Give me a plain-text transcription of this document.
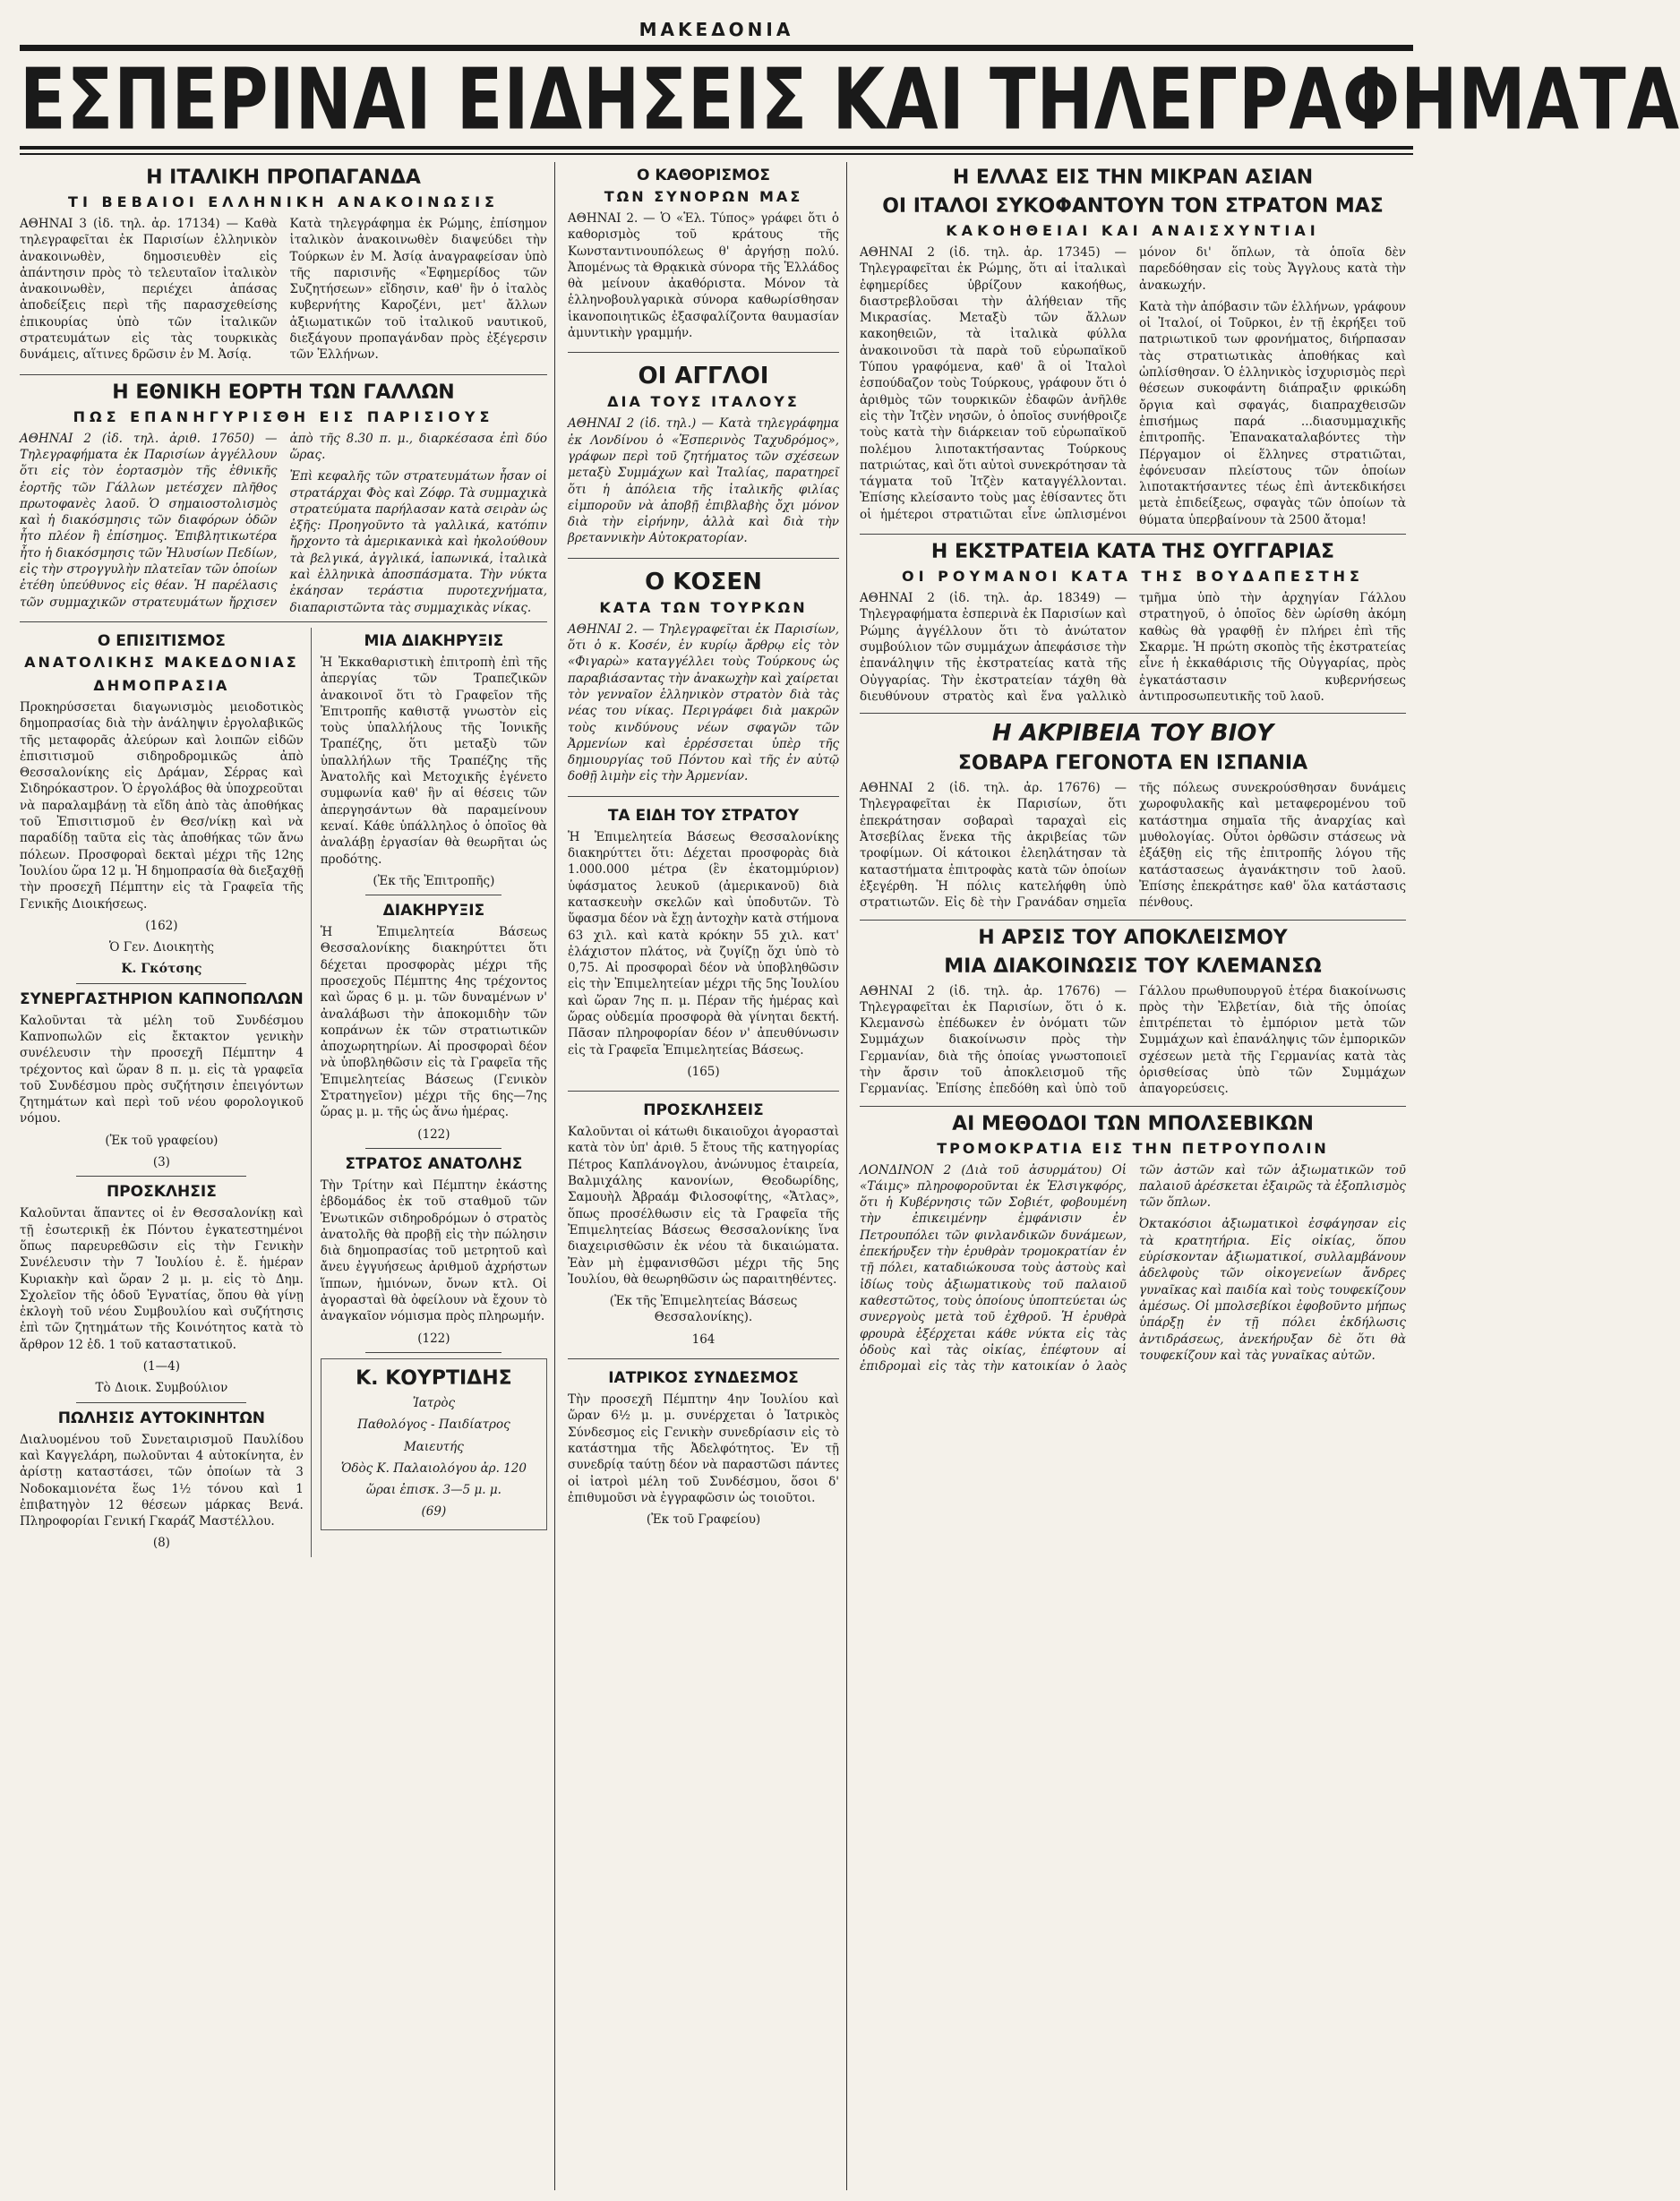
ΜΑΚΕΔΟΝΙΑ
ΕΣΠΕΡΙΝΑΙ ΕΙΔΗΣΕΙΣ ΚΑΙ ΤΗΛΕΓΡΑΦΗΜΑΤΑ
Η ΙΤΑΛΙΚΗ ΠΡΟΠΑΓΑΝΔΑ
ΤΙ ΒΕΒΑΙΟΙ ΕΛΛΗΝΙΚΗ ΑΝΑΚΟΙΝΩΣΙΣ

ΑΘΗΝΑΙ 3 (ἰδ. τηλ. ἀρ. 17134) — Καθὰ τηλεγραφεῖται ἐκ Παρισίων ἑλληνικὸν ἀνακοινωθὲν, δημοσιευθὲν εἰς ἀπάντησιν πρὸς τὸ τελευταῖον ἰταλικὸν ἀνακοινωθὲν, περιέχει ἀπάσας ἀποδείξεις περὶ τῆς παρασχεθείσης ἐπικουρίας ὑπὸ τῶν ἰταλικῶν στρατευμάτων εἰς τὰς τουρκικὰς δυνάμεις, αἵτινες δρῶσιν ἐν Μ. Ἀσίᾳ.

Κατὰ τηλεγράφημα ἐκ Ρώμης, ἐπίσημον ἰταλικὸν ἀνακοινωθὲν διαψεύδει τὴν Τούρκων ἐν Μ. Ἀσίᾳ ἀναγραφείσαν ὑπὸ τῆς παρισινῆς «Ἐφημερίδος τῶν Συζητήσεων» εἴδησιν, καθ' ἣν ὁ ἰταλὸς κυβερνήτης Καροζένι, μετ' ἄλλων ἀξιωματικῶν τοῦ ἰταλικοῦ ναυτικοῦ, διεξάγουν προπαγάνδαν πρὸς ἐξέγερσιν τῶν Ἑλλήνων.

Η ΕΘΝΙΚΗ ΕΟΡΤΗ ΤΩΝ ΓΑΛΛΩΝ
ΠΩΣ ΕΠΑΝΗΓΥΡΙΣΘΗ ΕΙΣ ΠΑΡΙΣΙΟΥΣ

ΑΘΗΝΑΙ 2 (ἰδ. τηλ. ἀριθ. 17650) — Τηλεγραφήματα ἐκ Παρισίων ἀγγέλλουν ὅτι εἰς τὸν ἑορτασμὸν τῆς ἐθνικῆς ἑορτῆς τῶν Γάλλων μετέσχεν πλῆθος πρωτοφανὲς λαοῦ. Ὁ σημαιοστολισμὸς καὶ ἡ διακόσμησις τῶν διαφόρων ὁδῶν ἦτο πλέον ἢ ἐπίσημος. Ἐπιβλητικωτέρα ἦτο ἡ διακόσμησις τῶν Ἠλυσίων Πεδίων, εἰς τὴν στρογγυλὴν πλατεῖαν τῶν ὁποίων ἐτέθη ὑπεύθυνος εἰς θέαν. Ἡ παρέλασις τῶν συμμαχικῶν στρατευμάτων ἤρχισεν ἀπὸ τῆς 8.30 π. μ., διαρκέσασα ἐπὶ δύο ὥρας.

Ἐπὶ κεφαλῆς τῶν στρατευμάτων ἦσαν οἱ στρατάρχαι Φὸς καὶ Ζόφρ. Τὰ συμμαχικὰ στρατεύματα παρήλασαν κατὰ σειρὰν ὡς ἐξῆς: Προηγοῦντο τὰ γαλλικά, κατόπιν ἤρχοντο τὰ ἀμερικανικὰ καὶ ἠκολούθουν τὰ βελγικά, ἀγγλικά, ἰαπωνικά, ἰταλικὰ καὶ ἑλληνικὰ ἀποσπάσματα. Τὴν νύκτα ἐκάησαν τεράστια πυροτεχνήματα, διαπαριστῶντα τὰς συμμαχικὰς νίκας.

Ο ΕΠΙΣΙΤΙΣΜΟΣ
ΑΝΑΤΟΛΙΚΗΣ ΜΑΚΕΔΟΝΙΑΣ
ΔΗΜΟΠΡΑΣΙΑ

Προκηρύσσεται διαγωνισμὸς μειοδοτικὸς δημοπρασίας διὰ τὴν ἀνάληψιν ἐργολαβικῶς τῆς μεταφορᾶς ἀλεύρων καὶ λοιπῶν εἰδῶν ἐπισιτισμοῦ σιδηροδρομικῶς ἀπὸ Θεσσαλονίκης εἰς Δράμαν, Σέρρας καὶ Σιδηρόκαστρον. Ὁ ἐργολάβος θὰ ὑποχρεοῦται νὰ παραλαμβάνῃ τὰ εἴδη ἀπὸ τὰς ἀποθήκας τοῦ Ἐπισιτισμοῦ ἐν Θεσ/νίκῃ καὶ νὰ παραδίδῃ ταῦτα εἰς τὰς ἀποθήκας τῶν ἄνω πόλεων. Προσφοραὶ δεκταὶ μέχρι τῆς 12ης Ἰουλίου ὥρα 12 μ. Ἡ δημοπρασία θὰ διεξαχθῇ τὴν προσεχῆ Πέμπτην εἰς τὰ Γραφεῖα τῆς Γενικῆς Διοικήσεως.

(162)

Ὁ Γεν. Διοικητὴς

Κ. Γκότσης

ΣΥΝΕΡΓΑΣΤΗΡΙΟΝ ΚΑΠΝΟΠΩΛΩΝ

Καλοῦνται τὰ μέλη τοῦ Συνδέσμου Καπνοπωλῶν εἰς ἔκτακτον γενικὴν συνέλευσιν τὴν προσεχῆ Πέμπτην 4 τρέχοντος καὶ ὥραν 8 π. μ. εἰς τὰ γραφεῖα τοῦ Συνδέσμου πρὸς συζήτησιν ἐπειγόντων ζητημάτων καὶ περὶ τοῦ νέου φορολογικοῦ νόμου.

(Ἐκ τοῦ γραφείου)

(3)

ΠΡΟΣΚΛΗΣΙΣ

Καλοῦνται ἅπαντες οἱ ἐν Θεσσαλονίκῃ καὶ τῇ ἐσωτερικῇ ἐκ Πόντου ἐγκατεστημένοι ὅπως παρευρεθῶσιν εἰς τὴν Γενικὴν Συνέλευσιν τὴν 7 Ἰουλίου ἐ. ἔ. ἡμέραν Κυριακὴν καὶ ὥραν 2 μ. μ. εἰς τὸ Δημ. Σχολεῖον τῆς ὁδοῦ Ἐγνατίας, ὅπου θὰ γίνῃ ἐκλογὴ τοῦ νέου Συμβουλίου καὶ συζήτησις ἐπὶ τῶν ζητημάτων τῆς Κοινότητος κατὰ τὸ ἄρθρον 12 ἐδ. 1 τοῦ καταστατικοῦ.

(1—4)

Τὸ Διοικ. Συμβούλιον

ΠΩΛΗΣΙΣ ΑΥΤΟΚΙΝΗΤΩΝ

Διαλυομένου τοῦ Συνεταιρισμοῦ Παυλίδου καὶ Καγγελάρη, πωλοῦνται 4 αὐτοκίνητα, ἐν ἀρίστῃ καταστάσει, τῶν ὁποίων τὰ 3 Νοδοκαμιονέτα ἕως 1½ τόνου καὶ 1 ἐπιβατηγὸν 12 θέσεων μάρκας Βενά. Πληροφορίαι Γενική Γκαράζ Μαστέλλου.

(8)

ΜΙΑ ΔΙΑΚΗΡΥΞΙΣ

Ἡ Ἐκκαθαριστικὴ ἐπιτροπὴ ἐπὶ τῆς ἀπεργίας τῶν Τραπεζικῶν ἀνακοινοῖ ὅτι τὸ Γραφεῖον τῆς Ἐπιτροπῆς καθιστᾷ γνωστὸν εἰς τοὺς ὑπαλλήλους τῆς Ἰονικῆς Τραπέζης, ὅτι μεταξὺ τῶν ὑπαλλήλων τῆς Τραπέζης τῆς Ἀνατολῆς καὶ Μετοχικῆς ἐγένετο συμφωνία καθ' ἣν αἱ θέσεις τῶν ἀπεργησάντων θὰ παραμείνουν κεναί. Κάθε ὑπάλληλος ὁ ὁποῖος θὰ ἀναλάβῃ ἐργασίαν θὰ θεωρῆται ὡς προδότης.

(Ἐκ τῆς Ἐπιτροπῆς)

ΔΙΑΚΗΡΥΞΙΣ

Ἡ Ἐπιμελητεία Βάσεως Θεσσαλονίκης διακηρύττει ὅτι δέχεται προσφορὰς μέχρι τῆς προσεχοῦς Πέμπτης 4ης τρέχοντος καὶ ὥρας 6 μ. μ. τῶν δυναμένων ν' ἀναλάβωσι τὴν ἀποκομιδὴν τῶν κοπράνων ἐκ τῶν στρατιωτικῶν ἀποχωρητηρίων. Αἱ προσφοραὶ δέον νὰ ὑποβληθῶσιν εἰς τὰ Γραφεῖα τῆς Ἐπιμελητείας Βάσεως (Γενικὸν Στρατηγεῖον) μέχρι τῆς 6ης—7ης ὥρας μ. μ. τῆς ὡς ἄνω ἡμέρας.

(122)

ΣΤΡΑΤΟΣ ΑΝΑΤΟΛΗΣ

Τὴν Τρίτην καὶ Πέμπτην ἑκάστης ἑβδομάδος ἐκ τοῦ σταθμοῦ τῶν Ἑνωτικῶν σιδηροδρόμων ὁ στρατὸς ἀνατολῆς θὰ προβῇ εἰς τὴν πώλησιν διὰ δημοπρασίας τοῦ μετρητοῦ καὶ ἄνευ ἐγγυήσεως ἀριθμοῦ ἀχρήστων ἵππων, ἡμιόνων, ὄνων κτλ. Οἱ ἀγορασταὶ θὰ ὀφείλουν νὰ ἔχουν τὸ ἀναγκαῖον νόμισμα πρὸς πληρωμήν.

(122)

Κ. ΚΟΥΡΤΙΔΗΣ

Ἰατρὸς

Παθολόγος - Παιδίατρος

Μαιευτής

Ὁδὸς Κ. Παλαιολόγου ἀρ. 120

ὥραι ἐπισκ. 3—5 μ. μ.

(69)

Ο ΚΑΘΟΡΙΣΜΟΣ
ΤΩΝ ΣΥΝΟΡΩΝ ΜΑΣ

ΑΘΗΝΑΙ 2. — Ὁ «Ἑλ. Τύπος» γράφει ὅτι ὁ καθορισμὸς τοῦ κράτους τῆς Κωνσταντινουπόλεως θ' ἀργήσῃ πολύ. Ἀπομένως τὰ Θρᾳκικὰ σύνορα τῆς Ἑλλάδος θὰ μείνουν ἀκαθόριστα. Μόνον τὰ ἑλληνοβουλγαρικὰ σύνορα καθωρίσθησαν ἱκανοποιητικῶς ἐξασφαλίζοντα θαυμασίαν ἀμυντικὴν γραμμήν.

ΟΙ ΑΓΓΛΟΙ
ΔΙΑ ΤΟΥΣ ΙΤΑΛΟΥΣ

ΑΘΗΝΑΙ 2 (ἰδ. τηλ.) — Κατὰ τηλεγράφημα ἐκ Λονδίνου ὁ «Ἑσπερινὸς Ταχυδρόμος», γράφων περὶ τοῦ ζητήματος τῶν σχέσεων μεταξὺ Συμμάχων καὶ Ἰταλίας, παρατηρεῖ ὅτι ἡ ἀπόλεια τῆς ἰταλικῆς φιλίας εἰμποροῦν νὰ ἀποβῇ ἐπιβλαβὴς ὄχι μόνον διὰ τὴν εἰρήνην, ἀλλὰ καὶ διὰ τὴν βρεταννικὴν Αὐτοκρατορίαν.

Ο ΚΟΣΕΝ
ΚΑΤΑ ΤΩΝ ΤΟΥΡΚΩΝ

ΑΘΗΝΑΙ 2. — Τηλεγραφεῖται ἐκ Παρισίων, ὅτι ὁ κ. Κοσέν, ἐν κυρίῳ ἄρθρῳ εἰς τὸν «Φιγαρὼ» καταγγέλλει τοὺς Τούρκους ὡς παραβιάσαντας τὴν ἀνακωχὴν καὶ χαίρεται τὸν γενναῖον ἑλληνικὸν στρατὸν διὰ τὰς νέας του νίκας. Περιγράφει διὰ μακρῶν τοὺς κινδύνους νέων σφαγῶν τῶν Ἀρμενίων καὶ ἐρρέσσεται ὑπὲρ τῆς δημιουργίας τοῦ Πόντου καὶ τῆς ἐν αὐτῷ δοθῇ λιμὴν εἰς τὴν Ἀρμενίαν.

ΤΑ ΕΙΔΗ ΤΟΥ ΣΤΡΑΤΟΥ

Ἡ Ἐπιμελητεία Βάσεως Θεσσαλονίκης διακηρύττει ὅτι: Δέχεται προσφορὰς διὰ 1.000.000 μέτρα (ἓν ἑκατομμύριον) ὑφάσματος λευκοῦ (ἀμερικανοῦ) διὰ κατασκευὴν σκελῶν καὶ ὑποδυτῶν. Τὸ ὕφασμα δέον νὰ ἔχῃ ἀντοχὴν κατὰ στήμονα 63 χιλ. καὶ κατὰ κρόκην 55 χιλ. κατ' ἐλάχιστον πλάτος, νὰ ζυγίζῃ ὅχι ὑπὸ τὸ 0,75. Αἱ προσφοραὶ δέον νὰ ὑποβληθῶσιν εἰς τὴν Ἐπιμελητείαν μέχρι τῆς 5ης Ἰουλίου καὶ ὥραν 7ης π. μ. Πέραν τῆς ἡμέρας καὶ ὥρας οὐδεμία προσφορὰ θὰ γίνηται δεκτή. Πᾶσαν πληροφορίαν δέον ν' ἀπευθύνωσιν εἰς τὰ Γραφεῖα Ἐπιμελητείας Βάσεως.

(165)

ΠΡΟΣΚΛΗΣΕΙΣ

Καλοῦνται οἱ κάτωθι δικαιοῦχοι ἀγορασταὶ κατὰ τὸν ὑπ' ἀριθ. 5 ἔτους τῆς κατηγορίας Πέτρος Καπλάνογλου, ἀνώνυμος ἐταιρεία, Βαλμιχάλης κανονίων, Θεοδωρίδης, Σαμουὴλ Ἀβραάμ Φιλοσοφίτης, «Ἄτλας», ὅπως προσέλθωσιν εἰς τὰ Γραφεῖα τῆς Ἐπιμελητείας Βάσεως Θεσσαλονίκης ἵνα διαχειρισθῶσιν ἐκ νέου τὰ δικαιώματα. Ἐὰν μὴ ἐμφανισθῶσι μέχρι τῆς 5ης Ἰουλίου, θὰ θεωρηθῶσιν ὡς παραιτηθέντες.

(Ἐκ τῆς Ἐπιμελητείας Βάσεως Θεσσαλονίκης).

164

ΙΑΤΡΙΚΟΣ ΣΥΝΔΕΣΜΟΣ

Τὴν προσεχῆ Πέμπτην 4ην Ἰουλίου καὶ ὥραν 6½ μ. μ. συνέρχεται ὁ Ἰατρικὸς Σύνδεσμος εἰς Γενικὴν συνεδρίασιν εἰς τὸ κατάστημα τῆς Ἀδελφότητος. Ἐν τῇ συνεδρίᾳ ταύτῃ δέον νὰ παραστῶσι πάντες οἱ ἰατροὶ μέλη τοῦ Συνδέσμου, ὅσοι δ' ἐπιθυμοῦσι νὰ ἐγγραφῶσιν ὡς τοιοῦτοι.

(Ἐκ τοῦ Γραφείου)

Η ΕΛΛΑΣ ΕΙΣ ΤΗΝ ΜΙΚΡΑΝ ΑΣΙΑΝ
ΟΙ ΙΤΑΛΟΙ ΣΥΚΟΦΑΝΤΟΥΝ ΤΟΝ ΣΤΡΑΤΟΝ ΜΑΣ
ΚΑΚΟΗΘΕΙΑΙ ΚΑΙ ΑΝΑΙΣΧΥΝΤΙΑΙ

ΑΘΗΝΑΙ 2 (ἰδ. τηλ. ἀρ. 17345) — Τηλεγραφεῖται ἐκ Ρώμης, ὅτι αἱ ἰταλικαὶ ἐφημερίδες ὑβρίζουν κακοήθως, διαστρεβλοῦσαι τὴν ἀλήθειαν τῆς Μικρασίας. Μεταξὺ τῶν ἄλλων κακοηθειῶν, τὰ ἰταλικὰ φύλλα ἀνακοινοῦσι τὰ παρὰ τοῦ εὐρωπαϊκοῦ Τύπου γραφόμενα, καθ' ἃ οἱ Ἰταλοὶ ἐσπούδαζον τοὺς Τούρκους, γράφουν ὅτι ὁ ἀριθμὸς τῶν τουρκικῶν ἐδαφῶν ἀνῆλθε εἰς τὴν Ἰτζὲν νησῶν, ὁ ὁποῖος συνήθροιζε τοὺς κατὰ τὴν διάρκειαν τοῦ εὐρωπαϊκοῦ πολέμου λιποτακτήσαντας Τούρκους πατριώτας, καὶ ὅτι αὐτοὶ συνεκρότησαν τὰ τάγματα τοῦ Ἰτζὲν καταγγέλλονται. Ἐπίσης κλείσαντο τοὺς μας ἐθίσαντες ὅτι οἱ ἡμέτεροι στρατιῶται εἶνε ὡπλισμένοι μόνον δι' ὅπλων, τὰ ὁποῖα δὲν παρεδόθησαν εἰς τοὺς Ἄγγλους κατὰ τὴν ἀνακωχήν.

Κατὰ τὴν ἀπόβασιν τῶν ἑλλήνων, γράφουν οἱ Ἰταλοί, οἱ Τοῦρκοι, ἐν τῇ ἐκρήξει τοῦ πατριωτικοῦ των φρονήματος, διήρπασαν τὰς στρατιωτικὰς ἀποθήκας καὶ ὡπλίσθησαν. Ὁ ἑλληνικὸς ἰσχυρισμὸς περὶ θέσεων συκοφάντη διάπραξιν φρικώδη ὄργια καὶ σφαγάς, διαπραχθεισῶν ἐπισήμως παρά ...διασυμμαχικῆς ἐπιτροπῆς. Ἐπανακαταλαβόντες τὴν Πέργαμον οἱ ἕλληνες στρατιῶται, ἐφόνευσαν πλείστους τῶν ὁποίων λιποτακτήσαντες τέως ἐπὶ ἀντεκδικήσει μετὰ ἐπιδείξεως, σφαγὰς τῶν ὁποίων τὰ θύματα ὑπερβαίνουν τὰ 2500 ἄτομα!

Η ΕΚΣΤΡΑΤΕΙΑ ΚΑΤΑ ΤΗΣ ΟΥΓΓΑΡΙΑΣ
ΟΙ ΡΟΥΜΑΝΟΙ ΚΑΤΑ ΤΗΣ ΒΟΥΔΑΠΕΣΤΗΣ

ΑΘΗΝΑΙ 2 (ἰδ. τηλ. ἀρ. 18349) — Τηλεγραφήματα ἐσπερινὰ ἐκ Παρισίων καὶ Ρώμης ἀγγέλλουν ὅτι τὸ ἀνώτατον συμβούλιον τῶν συμμάχων ἀπεφάσισε τὴν ἐπανάληψιν τῆς ἐκστρατείας κατὰ τῆς Οὐγγαρίας. Τὴν ἐκστρατείαν τάχθη θὰ διευθύνουν στρατὸς καὶ ἕνα γαλλικὸ τμῆμα ὑπὸ τὴν ἀρχηγίαν Γάλλου στρατηγοῦ, ὁ ὁποῖος δὲν ὡρίσθη ἀκόμη καθὼς θὰ γραφθῇ ἐν πλήρει ἐπὶ τῆς Σκαρμε. Ἡ πρώτη σκοπὸς τῆς ἐκστρατείας εἶνε ἡ ἐκκαθάρισις τῆς Οὐγγαρίας, πρὸς ἐγκατάστασιν κυβερνήσεως ἀντιπροσωπευτικῆς τοῦ λαοῦ.

Η ΑΚΡΙΒΕΙΑ ΤΟΥ ΒΙΟΥ
ΣΟΒΑΡΑ ΓΕΓΟΝΟΤΑ ΕΝ ΙΣΠΑΝΙΑ

ΑΘΗΝΑΙ 2 (ἰδ. τηλ. ἀρ. 17676) — Τηλεγραφεῖται ἐκ Παρισίων, ὅτι ἐπεκράτησαν σοβαραὶ ταραχαὶ εἰς Ἀτσεβίλας ἕνεκα τῆς ἀκριβείας τῶν τροφίμων. Οἱ κάτοικοι ἐλεηλάτησαν τὰ καταστήματα ἐπιτροφὰς κατὰ τῶν ὁποίων ἐξεγέρθη. Ἡ πόλις κατελήφθη ὑπὸ στρατιωτῶν. Εἰς δὲ τὴν Γρανάδαν σημεῖα τῆς πόλεως συνεκρούσθησαν δυνάμεις χωροφυλακῆς καὶ μεταφερομένου τοῦ κατάστημα σημαῖα τῆς ἀναρχίας καὶ μυθολογίας. Οὗτοι ὀρθῶσιν στάσεως νὰ ἐξάξθῃ εἰς τῆς ἐπιτροπῆς λόγου τῆς κατάστασεως ἀγανάκτησιν τοῦ λαοῦ. Ἐπίσης ἐπεκράτησε καθ' ὅλα κατάστασις πένθους.

Η ΑΡΣΙΣ ΤΟΥ ΑΠΟΚΛΕΙΣΜΟΥ
ΜΙΑ ΔΙΑΚΟΙΝΩΣΙΣ ΤΟΥ ΚΛΕΜΑΝΣΩ

ΑΘΗΝΑΙ 2 (ἰδ. τηλ. ἀρ. 17676) — Τηλεγραφεῖται ἐκ Παρισίων, ὅτι ὁ κ. Κλεμανσὼ ἐπέδωκεν ἐν ὀνόματι τῶν Συμμάχων διακοίνωσιν πρὸς τὴν Γερμανίαν, διὰ τῆς ὁποίας γνωστοποιεῖ τὴν ἄρσιν τοῦ ἀποκλεισμοῦ τῆς Γερμανίας. Ἐπίσης ἐπεδόθη καὶ ὑπὸ τοῦ Γάλλου πρωθυπουργοῦ ἑτέρα διακοίνωσις πρὸς τὴν Ἐλβετίαν, διὰ τῆς ὁποίας ἐπιτρέπεται τὸ ἐμπόριον μετὰ τῶν Συμμάχων καὶ ἐπανάληψις τῶν ἐμπορικῶν σχέσεων μετὰ τῆς Γερμανίας κατὰ τὰς ὁρισθείσας ὑπὸ τῶν Συμμάχων ἀπαγορεύσεις.

ΑΙ ΜΕΘΟΔΟΙ ΤΩΝ ΜΠΟΛΣΕΒΙΚΩΝ
ΤΡΟΜΟΚΡΑΤΙΑ ΕΙΣ ΤΗΝ ΠΕΤΡΟΥΠΟΛΙΝ

ΛΟΝΔΙΝΟΝ 2 (Διὰ τοῦ ἀσυρμάτου) Οἱ «Τάιμς» πληροφοροῦνται ἐκ Ἑλσιγκφόρς, ὅτι ἡ Κυβέρνησις τῶν Σοβιέτ, φοβουμένη τὴν ἐπικειμένην ἐμφάνισιν ἐν Πετρουπόλει τῶν φινλανδικῶν δυνάμεων, ἐπεκήρυξεν τὴν ἐρυθρὰν τρομοκρατίαν ἐν τῇ πόλει, καταδιώκουσα τοὺς ἀστοὺς καὶ ἰδίως τοὺς ἀξιωματικοὺς τοῦ παλαιοῦ καθεστῶτος, τοὺς ὁποίους ὑποπτεύεται ὡς συνεργοὺς μετὰ τοῦ ἐχθροῦ. Ἡ ἐρυθρὰ φρουρὰ ἐξέρχεται κάθε νύκτα εἰς τὰς ὁδοὺς καὶ τὰς οἰκίας, ἐπέφτουν αἱ ἐπιδρομαὶ εἰς τὰς τὴν κατοικίαν ὁ λαὸς τῶν ἀστῶν καὶ τῶν ἀξιωματικῶν τοῦ παλαιοῦ ἀρέσκεται ἐξαιρῶς τὰ ἐξοπλισμὸς τῶν ὅπλων.

Ὀκτακόσιοι ἀξιωματικοὶ ἐσφάγησαν εἰς τὰ κρατητήρια. Εἰς οἰκίας, ὅπου εὑρίσκονταν ἀξιωματικοί, συλλαμβάνουν ἀδελφοὺς τῶν οἰκογενείων ἄνδρες γυναῖκας καὶ παιδία καὶ τοὺς τουφεκίζουν ἀμέσως. Οἱ μπολσεβίκοι ἐφοβοῦντο μήπως ὑπάρξῃ ἐν τῇ πόλει ἐκδήλωσις ἀντιδράσεως, ἀνεκήρυξαν δὲ ὅτι θὰ τουφεκίζουν καὶ τὰς γυναῖκας αὐτῶν.
